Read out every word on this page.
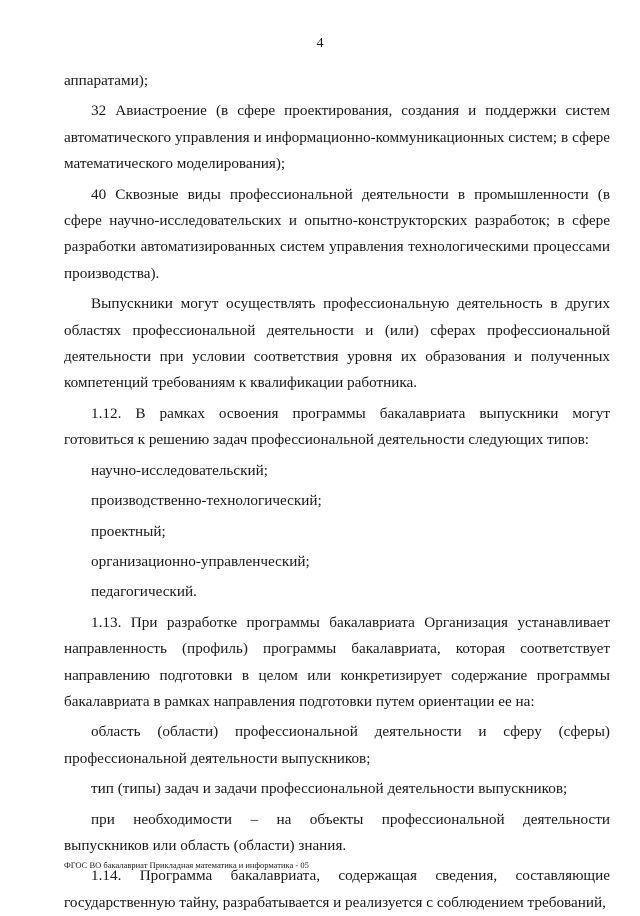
4

аппаратами);

32 Авиастроение (в сфере проектирования, создания и поддержки систем автоматического управления и информационно-коммуникационных систем; в сфере математического моделирования);

40 Сквозные виды профессиональной деятельности в промышленности (в сфере научно-исследовательских и опытно-конструкторских разработок; в сфере разработки автоматизированных систем управления технологическими процессами производства).

Выпускники могут осуществлять профессиональную деятельность в других областях профессиональной деятельности и (или) сферах профессиональной деятельности при условии соответствия уровня их образования и полученных компетенций требованиям к квалификации работника.

1.12. В рамках освоения программы бакалавриата выпускники могут готовиться к решению задач профессиональной деятельности следующих типов:

научно-исследовательский;

производственно-технологический;

проектный;

организационно-управленческий;

педагогический.

1.13. При разработке программы бакалавриата Организация устанавливает направленность (профиль) программы бакалавриата, которая соответствует направлению подготовки в целом или конкретизирует содержание программы бакалавриата в рамках направления подготовки путем ориентации ее на:

область (области) профессиональной деятельности и сферу (сферы) профессиональной деятельности выпускников;

тип (типы) задач и задачи профессиональной деятельности выпускников;

при необходимости – на объекты профессиональной деятельности выпускников или область (области) знания.

1.14. Программа бакалавриата, содержащая сведения, составляющие государственную тайну, разрабатывается и реализуется с соблюдением требований,

ФГОС ВО бакалавриат Прикладная математика и информатика - 05
